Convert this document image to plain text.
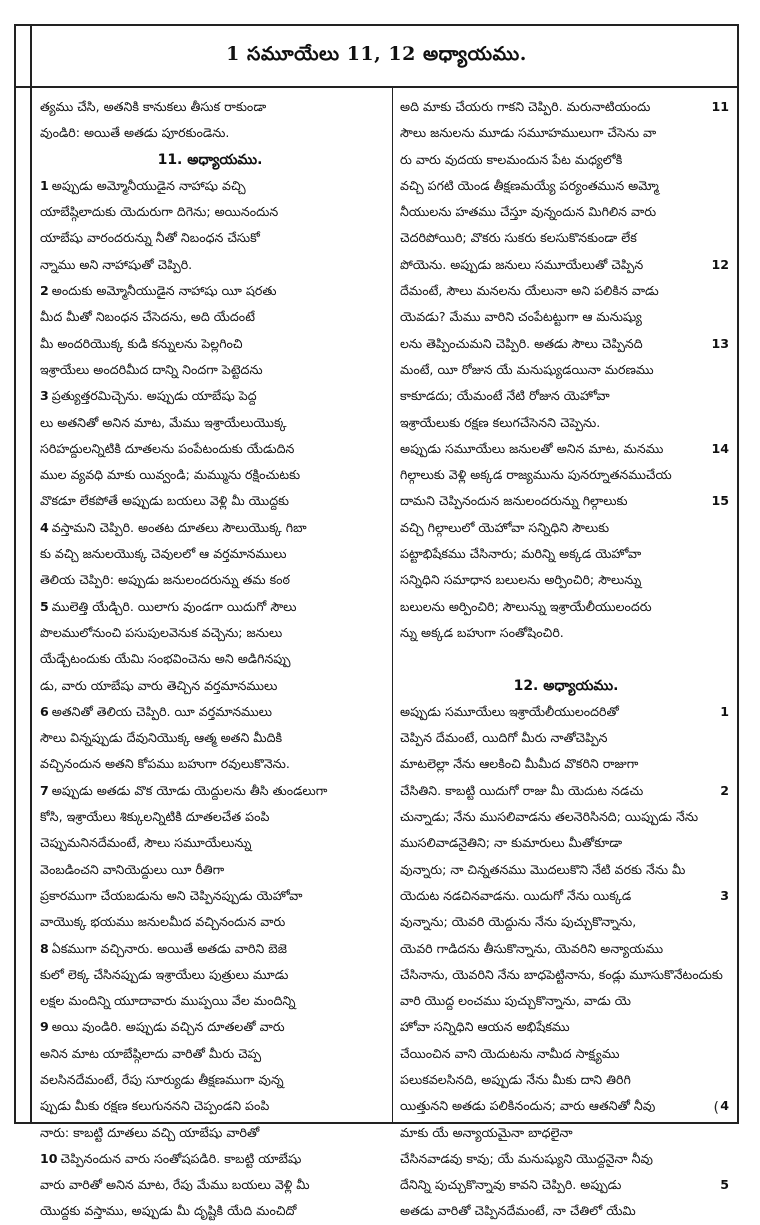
1 సమూయేలు 11, 12 అధ్యాయము.
త్యము చేసి, అతనికి కానుకలు తీసుక రాకుండా
వుండిరి: అయితే అతడు పూరకుండెను.
11. అధ్యాయము.
1 అప్పుడు అమ్మోనీయుడైన నాహాషు వచ్చి
యాబేష్గిలాదుకు యెదురుగా దిగెను; అయినందున
యాబేషు వారందరున్ను నీతో నిబంధన చేసుకో
న్నాము అని నాహాషుతో చెప్పిరి.
2 అందుకు అమ్మోనీయుడైన నాహాషు యీ షరతు
మీద మీతో నిబంధన చేసెదను, అది యేదంటే
మీ అందరియొక్క కుడి కన్నులను పెల్లగించి
ఇశ్రాయేలు అందరిమీద దాన్ని నిందగా పెట్టెదను
3 ప్రత్యుత్తరమిచ్చెను. అప్పుడు యాబేషు పెద్ద
లు అతనితో అనిన మాట, మేము ఇశ్రాయేలుయొక్క
సరిహద్దులన్నిటికి దూతలను పంపేటందుకు యేడుదిన
ముల వ్యవధి మాకు యివ్వండి; మమ్మును రక్షించుటకు
వొకడూ లేకపోతే అప్పుడు బయలు వెళ్లి మీ యొద్దకు
4 వస్తామని చెప్పిరి. అంతట దూతలు సౌలుయొక్క గిబా
కు వచ్చి జనులయొక్క చెవులలో ఆ వర్తమానములు
తెలియ చెప్పిరి: అప్పుడు జనులందరున్ను తమ కంఠ
5 ములెత్తి యేడ్చిరి. యిలాగు వుండగా యిదుగో సౌలు
పొలములోనుంచి పసుపులవెనుక వచ్చెను; జనులు
యేడ్చేటందుకు యేమి సంభవించెను అని అడిగినప్పు
డు, వారు యాబేషు వారు తెచ్చిన వర్తమానములు
6 అతనితో తెలియ చెప్పిరి. యీ వర్తమానములు
సౌలు విన్నప్పుడు దేవునియొక్క ఆత్మ అతని మీదికి
వచ్చినందున అతని కోపము బహుగా రవులుకొనెను.
7 అప్పుడు అతడు వొక యోడు యెద్దులను తీసి తుండలుగా
కోసి, ఇశ్రాయేలు శిక్కులన్నిటికి దూతలచేత పంపి
చెప్పుమనినదేమంటే, సౌలు సమూయేలున్ను
వెంబడించని వానియెద్దులు యీ రీతిగా
ప్రకారముగా చేయబడును అని చెప్పినప్పుడు యెహోవా
వాయొక్క భయము జనులమీద వచ్చినందున వారు
8 ఏకముగా వచ్చినారు. అయితే అతడు వారిని బెజె
కులో లెక్క చేసినప్పుడు ఇశ్రాయేలు పుత్రులు మూడు
లక్షల మందిన్ని యూదావారు ముప్పయి వేల మందిన్ని
9 అయి వుండిరి. అప్పుడు వచ్చిన దూతలతో వారు
అనిన మాట యాబేష్గిలాదు వారితో మీరు చెప్ప
వలసినదేమంటే, రేపు సూర్యుడు తీక్షణముగా వున్న
ప్పుడు మీకు రక్షణ కలుగుననని చెప్పండని పంపి
నారు: కాబట్టి దూతలు వచ్చి యాబేషు వారితో
10 చెప్పినందున వారు సంతోషపడిరి. కాబట్టి యాబేషు
వారు వారితో అనిన మాట, రేపు మేము బయలు వెళ్లి మీ
యొద్దకు వస్తాము, అప్పుడు మీ దృష్టికి యేది మంచిదో
అది మాకు చేయరు గాకని చెప్పిరి. మరునాటియందు	11
సౌలు జనులను మూడు సమూహములుగా చేసెను వా
రు వారు వుదయ కాలమందున పేట మధ్యలోకి
వచ్చి పగటి యెండ తీక్షణమయ్యే పర్యంతమున అమ్మో
నీయులను హతము చేస్తూ వున్నందున మిగిలిన వారు
చెదరిపోయిరి; వొకరు సుకరు కలసుకొనకుండా లేక
పోయెను. అప్పుడు జనులు సమూయేలుతో చెప్పిన	12
దేమంటే, సౌలు మనలను యేలునా అని పలికిన వాడు
యెవడు? మేము వారిని చంపేటట్టుగా ఆ మనుష్యు
లను తెప్పించుమని చెప్పిరి. అతడు సౌలు చెప్పినది	13
మంటే, యీ రోజున యే మనుష్యుడయినా మరణము
కాకూడదు; యేమంటే నేటి రోజున యెహోవా
ఇశ్రాయేలుకు రక్షణ కలుగచేసెనని చెప్పెను.
అప్పుడు సమూయేలు జనులతో అనిన మాట, మనము	14
గిల్గాలుకు వెళ్లి అక్కడ రాజ్యమును పునర్నూతనముచేయ
దామని చెప్పినందున జనులందరున్ను గిల్గాలుకు	15
వచ్చి గిల్గాలులో యెహోవా సన్నిధిని సౌలుకు
పట్టాభిషేకము చేసినారు; మరిన్ని అక్కడ యెహోవా
సన్నిధిని సమాధాన బలులను అర్పించిరి; సౌలున్ను
బలులను అర్పించిరి; సౌలున్ను ఇశ్రాయేలీయులందరు
న్ను అక్కడ బహుగా సంతోషించిరి.
12. అధ్యాయము.
అప్పుడు సమూయేలు ఇశ్రాయేలీయులందరితో	1
చెప్పిన దేమంటే, యిదిగో మీరు నాతోచెప్పిన
మాటలెల్లా నేను ఆలకించి మీమీద వొకరిని రాజుగా
చేసితిని. కాబట్టి యిదుగో రాజు మీ యెదుట నడచు	2
చున్నాడు; నేను ముసలివాడను తలనెరిసినది; యిప్పుడు నేను
ముసలివాడనైతిని; నా కుమారులు మీతోకూడా
వున్నారు; నా చిన్నతనము మొదలుకొని నేటి వరకు నేను మీ
యెదుట నడచినవాడను. యిదుగో నేను యిక్కడ	3
వున్నాను; యెవరి యెద్దును నేను పుచ్చుకొన్నాను,
యెవరి గాడిదను తీసుకొన్నాను, యెవరిని అన్యాయము
చేసినాను, యెవరిని నేను బాధపెట్టినాను, కండ్లు మూసుకొనేటందుకు
వారి యొద్ద లంచము పుచ్చుకొన్నాను, వాడు యె
హోవా సన్నిధిని ఆయన అభిషేకము
చేయించిన వాని యెదుటను నామీద సాక్ష్యము
పలుకవలసినది, అప్పుడు నేను మీకు దాని తిరిగి
యిత్తునని అతడు పలికినందున; వారు ఆతనితో నీవు	4
మాకు యే అన్యాయమైనా బాధలైనా
చేసినవాడవు కావు; యే మనుష్యుని యొద్దనైనా నీవు
దేనిన్ని పుచ్చుకొన్నావు కావని చెప్పిరి. అప్పుడు	5
అతడు వారితో చెప్పినదేమంటే, నా చేతిలో యేమి
(
